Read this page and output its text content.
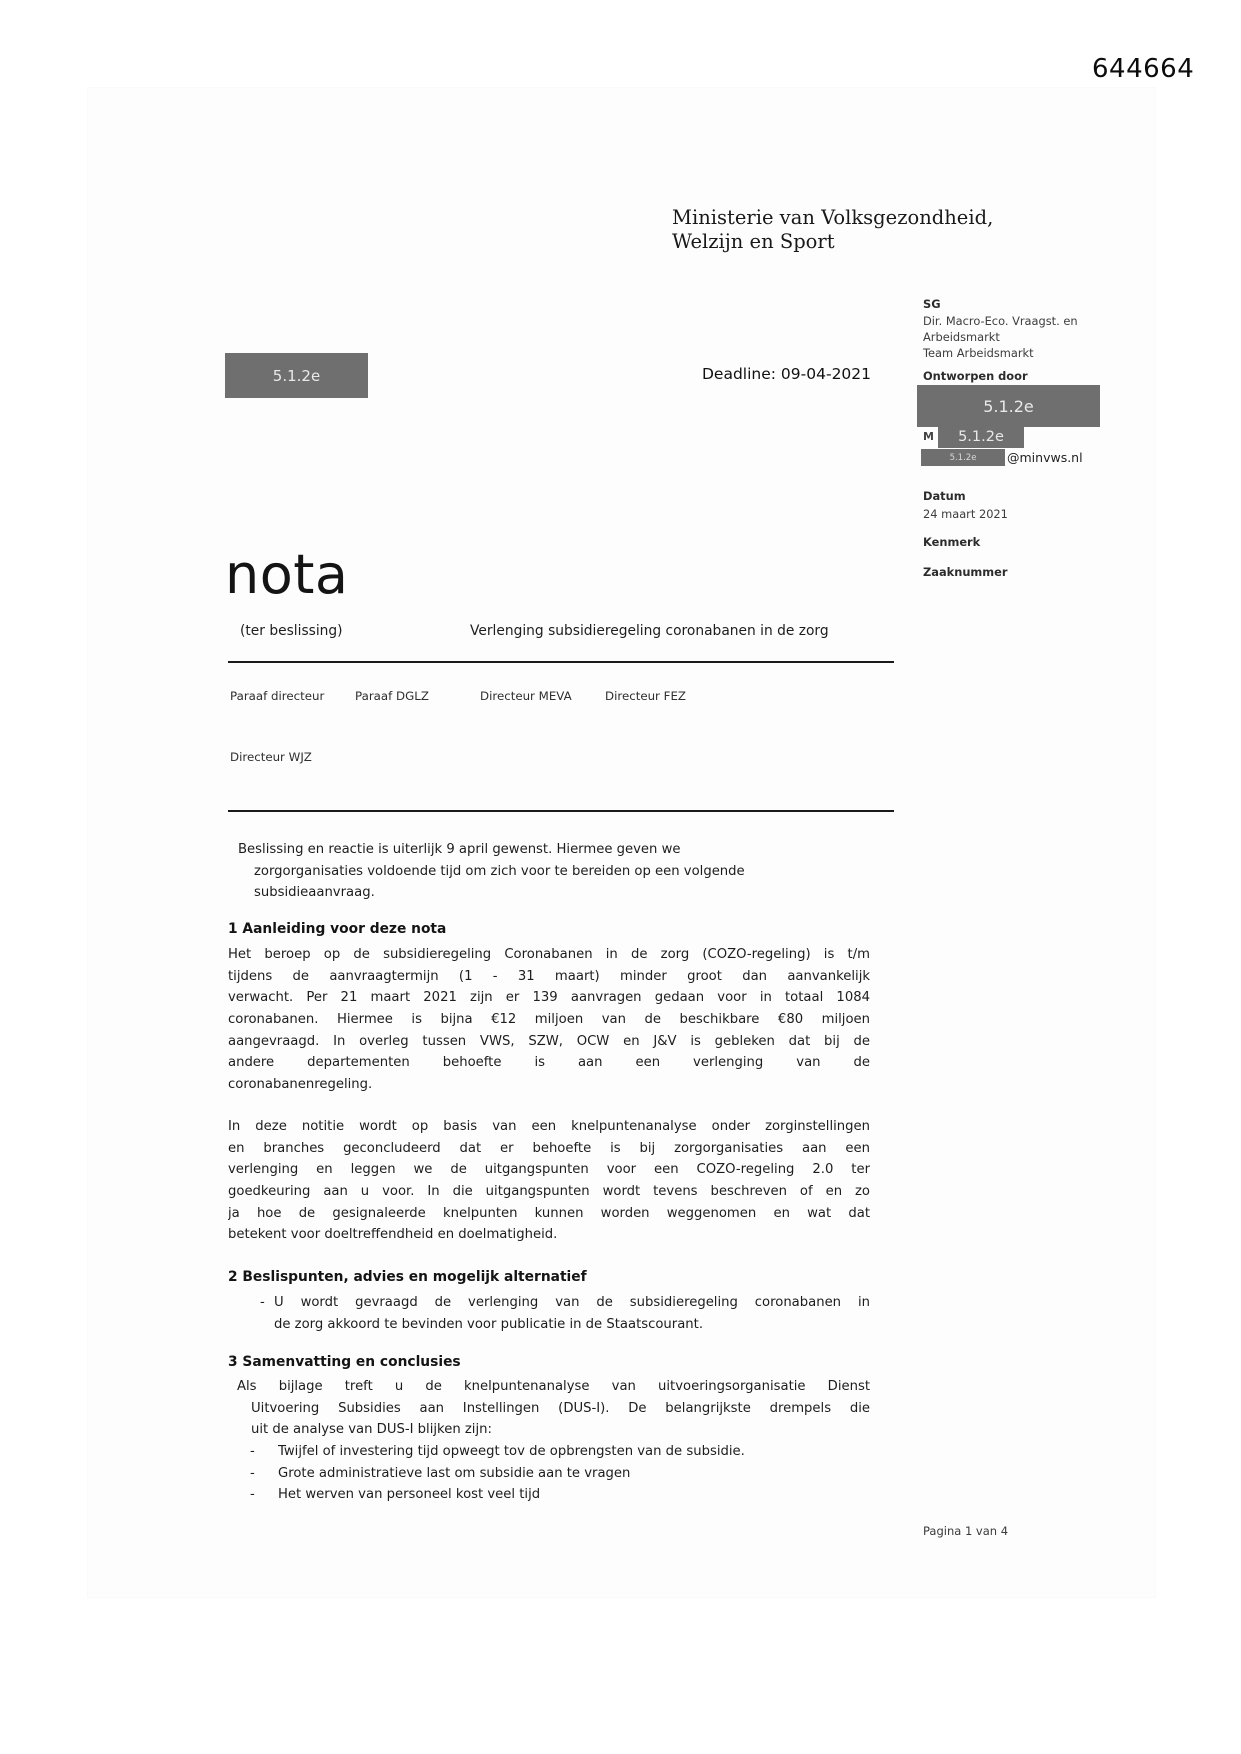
644664
Ministerie van Volksgezondheid,
Welzijn en Sport
5.1.2e	Deadline: 09-04-2021
SG
Dir. Macro-Eco. Vraagst. en
Arbeidsmarkt
Team Arbeidsmarkt
Ontworpen door
5.1.2e
M	5.1.2e
5.1.2e	@minvws.nl
Datum
24 maart 2021
Kenmerk
Zaaknummer
nota
(ter beslissing)	Verlenging subsidieregeling coronabanen in de zorg
Paraaf directeur	Paraaf DGLZ	Directeur MEVA	Directeur FEZ
Directeur WJZ
Beslissing en reactie is uiterlijk 9 april gewenst. Hiermee geven we
zorgorganisaties voldoende tijd om zich voor te bereiden op een volgende
subsidieaanvraag.
1 Aanleiding voor deze nota
Het beroep op de subsidieregeling Coronabanen in de zorg (COZO-regeling) is t/m
tijdens de aanvraagtermijn (1 - 31 maart) minder groot dan aanvankelijk
verwacht. Per 21 maart 2021 zijn er 139 aanvragen gedaan voor in totaal 1084
coronabanen. Hiermee is bijna €12 miljoen van de beschikbare €80 miljoen
aangevraagd. In overleg tussen VWS, SZW, OCW en J&V is gebleken dat bij de
andere departementen behoefte is aan een verlenging van de
coronabanenregeling.
In deze notitie wordt op basis van een knelpuntenanalyse onder zorginstellingen
en branches geconcludeerd dat er behoefte is bij zorgorganisaties aan een
verlenging en leggen we de uitgangspunten voor een COZO-regeling 2.0 ter
goedkeuring aan u voor. In die uitgangspunten wordt tevens beschreven of en zo
ja hoe de gesignaleerde knelpunten kunnen worden weggenomen en wat dat
betekent voor doeltreffendheid en doelmatigheid.
2 Beslispunten, advies en mogelijk alternatief
- U wordt gevraagd de verlenging van de subsidieregeling coronabanen in
de zorg akkoord te bevinden voor publicatie in de Staatscourant.
3 Samenvatting en conclusies
Als bijlage treft u de knelpuntenanalyse van uitvoeringsorganisatie Dienst
Uitvoering Subsidies aan Instellingen (DUS-I). De belangrijkste drempels die
uit de analyse van DUS-I blijken zijn:
- Twijfel of investering tijd opweegt tov de opbrengsten van de subsidie.
- Grote administratieve last om subsidie aan te vragen
- Het werven van personeel kost veel tijd
Pagina 1 van 4
